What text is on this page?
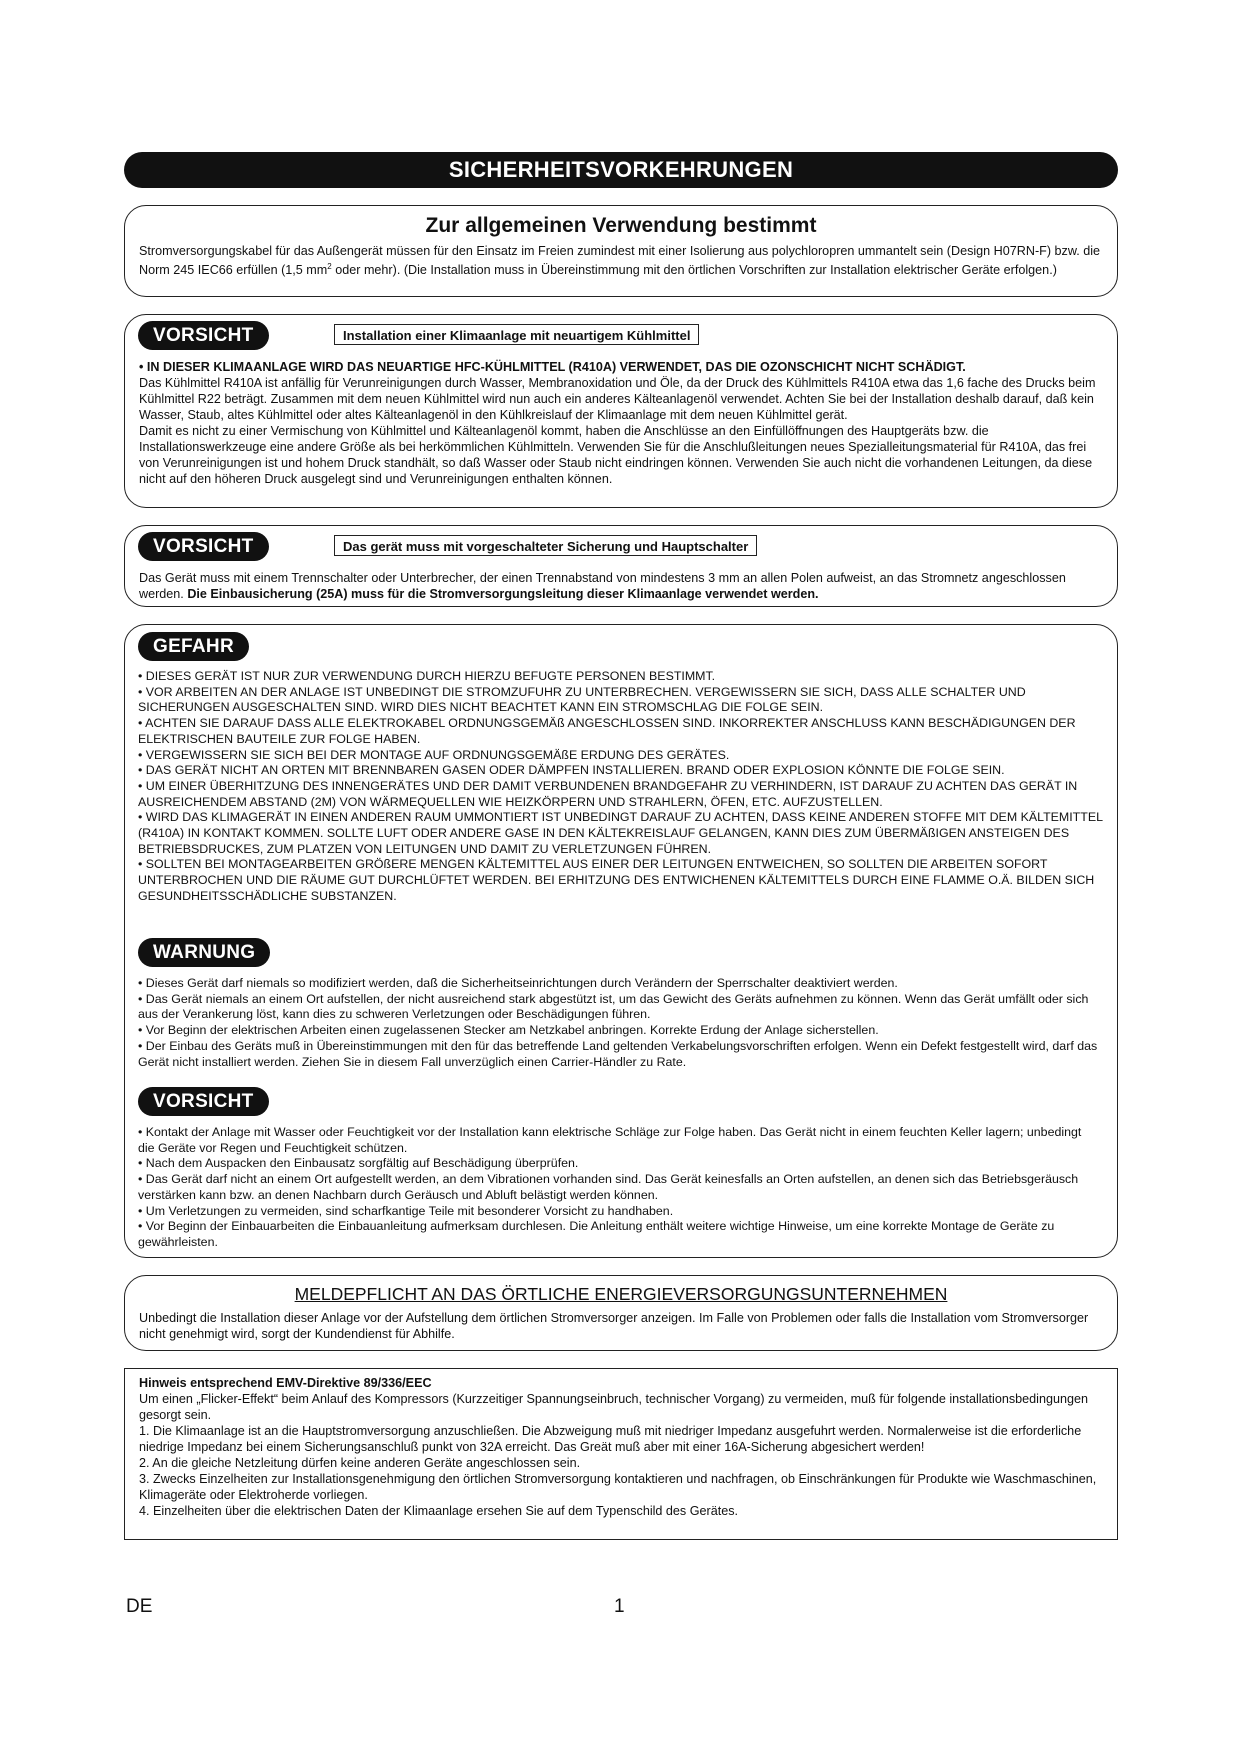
SICHERHEITSVORKEHRUNGEN
Zur allgemeinen Verwendung bestimmt

Stromversorgungskabel für das Außengerät müssen für den Einsatz im Freien zumindest mit einer Isolierung aus polychloropren ummantelt sein (Design H07RN-F) bzw. die Norm 245 IEC66 erfüllen (1,5 $mm^2$ oder mehr). (Die Installation muss in Übereinstimmung mit den örtlichen Vorschriften zur Installation elektrischer Geräte erfolgen.)

VORSICHT	Installation einer Klimaanlage mit neuartigem Kühlmittel

• IN DIESER KLIMAANLAGE WIRD DAS NEUARTIGE HFC-KÜHLMITTEL (R410A) VERWENDET, DAS DIE OZONSCHICHT NICHT SCHÄDIGT.

Das Kühlmittel R410A ist anfällig für Verunreinigungen durch Wasser, Membranoxidation und Öle, da der Druck des Kühlmittels R410A etwa das 1,6 fache des Drucks beim Kühlmittel R22 beträgt. Zusammen mit dem neuen Kühlmittel wird nun auch ein anderes Kälteanlagenöl verwendet. Achten Sie bei der Installation deshalb darauf, daß kein Wasser, Staub, altes Kühlmittel oder altes Kälteanlagenöl in den Kühlkreislauf der Klimaanlage mit dem neuen Kühlmittel gerät.

Damit es nicht zu einer Vermischung von Kühlmittel und Kälteanlagenöl kommt, haben die Anschlüsse an den Einfüllöffnungen des Hauptgeräts bzw. die Installationswerkzeuge eine andere Größe als bei herkömmlichen Kühlmitteln. Verwenden Sie für die Anschlußleitungen neues Spezialleitungsmaterial für R410A, das frei von Verunreinigungen ist und hohem Druck standhält, so daß Wasser oder Staub nicht eindringen können. Verwenden Sie auch nicht die vorhandenen Leitungen, da diese nicht auf den höheren Druck ausgelegt sind und Verunreinigungen enthalten können.

VORSICHT	Das gerät muss mit vorgeschalteter Sicherung und Hauptschalter

Das Gerät muss mit einem Trennschalter oder Unterbrecher, der einen Trennabstand von mindestens 3 mm an allen Polen aufweist, an das Stromnetz angeschlossen werden. Die Einbausicherung (25A) muss für die Stromversorgungsleitung dieser Klimaanlage verwendet werden.

GEFAHR
• DIESES GERÄT IST NUR ZUR VERWENDUNG DURCH HIERZU BEFUGTE PERSONEN BESTIMMT.
• VOR ARBEITEN AN DER ANLAGE IST UNBEDINGT DIE STROMZUFUHR ZU UNTERBRECHEN. VERGEWISSERN SIE SICH, DASS ALLE SCHALTER UND SICHERUNGEN AUSGESCHALTEN SIND. WIRD DIES NICHT BEACHTET KANN EIN STROMSCHLAG DIE FOLGE SEIN.
• ACHTEN SIE DARAUF DASS ALLE ELEKTROKABEL ORDNUNGSGEMÄß ANGESCHLOSSEN SIND. INKORREKTER ANSCHLUSS KANN BESCHÄDIGUNGEN DER ELEKTRISCHEN BAUTEILE ZUR FOLGE HABEN.
• VERGEWISSERN SIE SICH BEI DER MONTAGE AUF ORDNUNGSGEMÄßE ERDUNG DES GERÄTES.
• DAS GERÄT NICHT AN ORTEN MIT BRENNBAREN GASEN ODER DÄMPFEN INSTALLIEREN. BRAND ODER EXPLOSION KÖNNTE DIE FOLGE SEIN.
• UM EINER ÜBERHITZUNG DES INNENGERÄTES UND DER DAMIT VERBUNDENEN BRANDGEFAHR ZU VERHINDERN, IST DARAUF ZU ACHTEN DAS GERÄT IN AUSREICHENDEM ABSTAND (2M) VON WÄRMEQUELLEN WIE HEIZKÖRPERN UND STRAHLERN, ÖFEN, ETC. AUFZUSTELLEN.
• WIRD DAS KLIMAGERÄT IN EINEN ANDEREN RAUM UMMONTIERT IST UNBEDINGT DARAUF ZU ACHTEN, DASS KEINE ANDEREN STOFFE MIT DEM KÄLTEMITTEL (R410A) IN KONTAKT KOMMEN. SOLLTE LUFT ODER ANDERE GASE IN DEN KÄLTEKREISLAUF GELANGEN, KANN DIES ZUM ÜBERMÄßIGEN ANSTEIGEN DES BETRIEBSDRUCKES, ZUM PLATZEN VON LEITUNGEN UND DAMIT ZU VERLETZUNGEN FÜHREN.
• SOLLTEN BEI MONTAGEARBEITEN GRÖßERE MENGEN KÄLTEMITTEL AUS EINER DER LEITUNGEN ENTWEICHEN, SO SOLLTEN DIE ARBEITEN SOFORT UNTERBROCHEN UND DIE RÄUME GUT DURCHLÜFTET WERDEN. BEI ERHITZUNG DES ENTWICHENEN KÄLTEMITTELS DURCH EINE FLAMME O.Ä. BILDEN SICH GESUNDHEITSSCHÄDLICHE SUBSTANZEN.
WARNUNG
• Dieses Gerät darf niemals so modifiziert werden, daß die Sicherheitseinrichtungen durch Verändern der Sperrschalter deaktiviert werden.
• Das Gerät niemals an einem Ort aufstellen, der nicht ausreichend stark abgestützt ist, um das Gewicht des Geräts aufnehmen zu können. Wenn das Gerät umfällt oder sich aus der Verankerung löst, kann dies zu schweren Verletzungen oder Beschädigungen führen.
• Vor Beginn der elektrischen Arbeiten einen zugelassenen Stecker am Netzkabel anbringen. Korrekte Erdung der Anlage sicherstellen.
• Der Einbau des Geräts muß in Übereinstimmungen mit den für das betreffende Land geltenden Verkabelungsvorschriften erfolgen. Wenn ein Defekt festgestellt wird, darf das Gerät nicht installiert werden. Ziehen Sie in diesem Fall unverzüglich einen Carrier-Händler zu Rate.
VORSICHT
• Kontakt der Anlage mit Wasser oder Feuchtigkeit vor der Installation kann elektrische Schläge zur Folge haben. Das Gerät nicht in einem feuchten Keller lagern; unbedingt die Geräte vor Regen und Feuchtigkeit schützen.
• Nach dem Auspacken den Einbausatz sorgfältig auf Beschädigung überprüfen.
• Das Gerät darf nicht an einem Ort aufgestellt werden, an dem Vibrationen vorhanden sind. Das Gerät keinesfalls an Orten aufstellen, an denen sich das Betriebsgeräusch verstärken kann bzw. an denen Nachbarn durch Geräusch und Abluft belästigt werden können.
• Um Verletzungen zu vermeiden, sind scharfkantige Teile mit besonderer Vorsicht zu handhaben.
• Vor Beginn der Einbauarbeiten die Einbauanleitung aufmerksam durchlesen. Die Anleitung enthält weitere wichtige Hinweise, um eine korrekte Montage de Geräte zu gewährleisten.
MELDEPFLICHT AN DAS ÖRTLICHE ENERGIEVERSORGUNGSUNTERNEHMEN

Unbedingt die Installation dieser Anlage vor der Aufstellung dem örtlichen Stromversorger anzeigen. Im Falle von Problemen oder falls die Installation vom Stromversorger nicht genehmigt wird, sorgt der Kundendienst für Abhilfe.

Hinweis entsprechend EMV-Direktive 89/336/EEC

Um einen „Flicker-Effekt“ beim Anlauf des Kompressors (Kurzzeitiger Spannungseinbruch, technischer Vorgang) zu vermeiden, muß für folgende installationsbedingungen gesorgt sein.

1. Die Klimaanlage ist an die Hauptstromversorgung anzuschließen. Die Abzweigung muß mit niedriger Impedanz ausgefuhrt werden. Normalerweise ist die erforderliche niedrige Impedanz bei einem Sicherungsanschluß punkt von 32A erreicht. Das Greät muß aber mit einer 16A-Sicherung abgesichert werden!
2. An die gleiche Netzleitung dürfen keine anderen Geräte angeschlossen sein.
3. Zwecks Einzelheiten zur Installationsgenehmigung den örtlichen Stromversorgung kontaktieren und nachfragen, ob Einschränkungen für Produkte wie Waschmaschinen, Klimageräte oder Elektroherde vorliegen.
4. Einzelheiten über die elektrischen Daten der Klimaanlage ersehen Sie auf dem Typenschild des Gerätes.
DE	1
